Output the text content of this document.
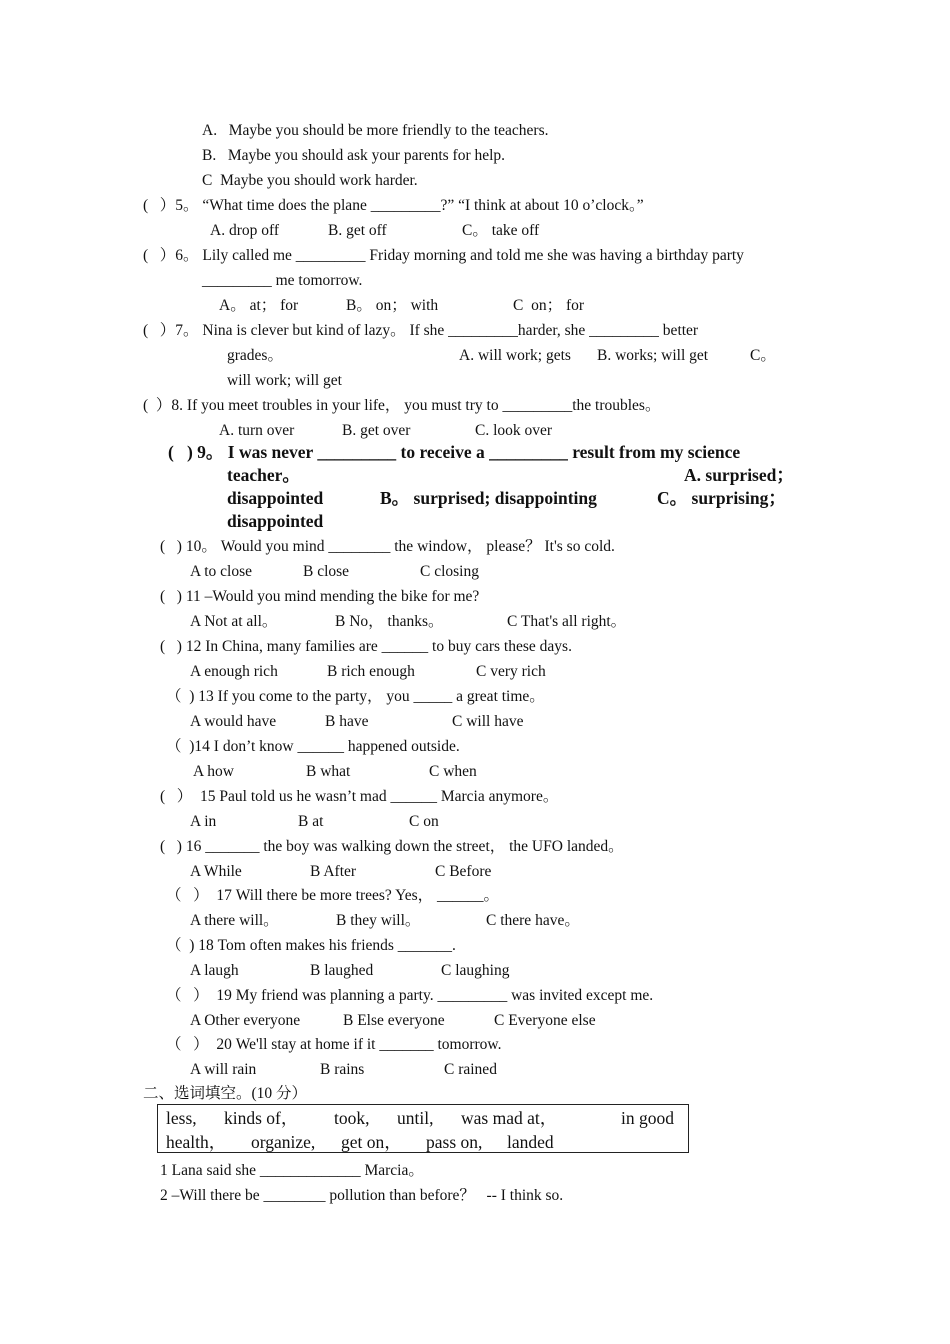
A.   Maybe you should be more friendly to the teachers.
B.   Maybe you should ask your parents for help.
C  Maybe you should work harder.
(   ）5。 “What time does the plane _________?” “I think at about 10 o’clock。”
A. drop off	B. get off	C。 take off
(   ）6。 Lily called me _________ Friday morning and told me she was having a birthday party
_________ me tomorrow.
A。 at； for	B。 on； with	C  on； for
(   ）7。 Nina is clever but kind of lazy。 If she _________harder, she _________ better
grades。	A. will work; gets B. works; will get	C。
will work; will get
(  ）8. If you meet troubles in your life， you must try to _________the troubles。
A. turn over	B. get over	C. look over
(   ) 9。 I was never _________ to receive a _________ result from my science
teacher。	A. surprised；
disappointed	B。 surprised; disappointing	C。 surprising；
disappointed
(   ) 10。 Would you mind ________ the window， please？ It's so cold.
A to close	B close	C closing
(   ) 11 –Would you mind mending the bike for me?
A Not at all。	B No， thanks。	C That's all right。
(   ) 12 In China, many families are ______ to buy cars these days.
A enough rich	B rich enough	C very rich
（  ) 13 If you come to the party， you _____ a great time。
A would have	B have	C will have
（  )14 I don’t know ______ happened outside.
A how	B what	C when
(   ）  15 Paul told us he wasn’t mad ______ Marcia anymore。
A in	B at	C on
(   ) 16 _______ the boy was walking down the street， the UFO landed。
A While	B After	C Before
（   ）  17 Will there be more trees? Yes， ______。
A there will。	B they will。	C there have。
（  ) 18 Tom often makes his friends _______.
A laugh	B laughed	C laughing
（   ）  19 My friend was planning a party. _________ was invited except me.
A Other everyone	B Else everyone	C Everyone else
（   ）  20 We'll stay at home if it _______ tomorrow.
A will rain	B rains	C rained
二、选词填空。(10 分）
less, kinds of， took, until, was mad at，	in good
health， organize, get on， pass on, landed
1 Lana said she _____________ Marcia。
2 –Will there be ________ pollution than before？   -- I think so.
